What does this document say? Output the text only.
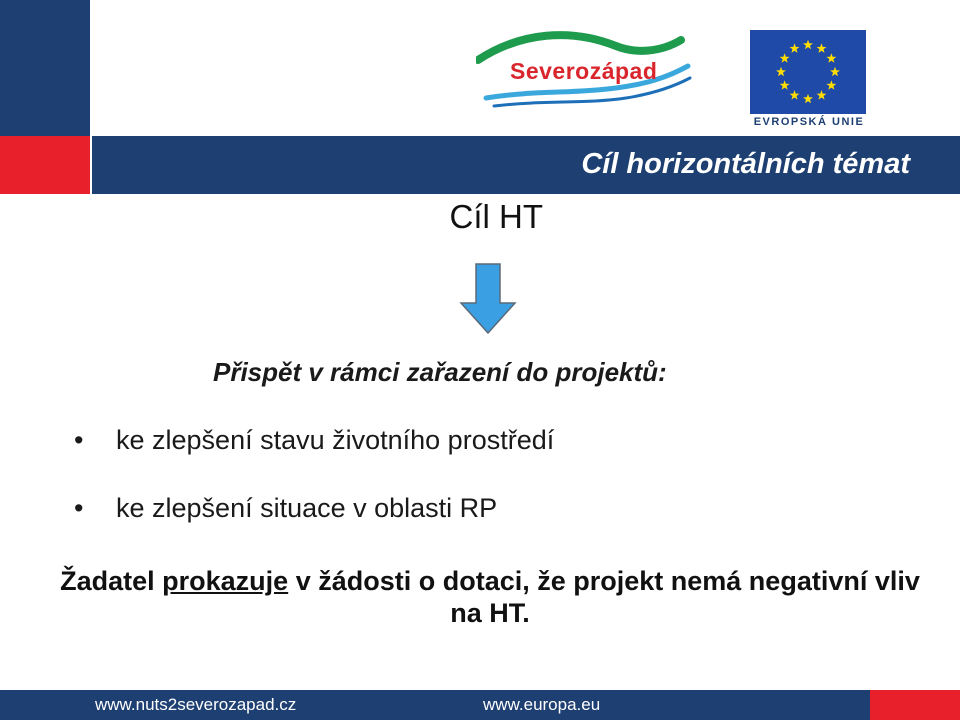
Cíl horizontálních témat
Severozápad
EVROPSKÁ UNIE
Cíl HT
Přispět v rámci zařazení do projektů:
• ke zlepšení stavu životního prostředí
• ke zlepšení situace v oblasti RP
Žadatel prokazuje v žádosti o dotaci, že projekt nemá negativní vliv na HT.
www.nuts2severozapad.cz	www.europa.eu
